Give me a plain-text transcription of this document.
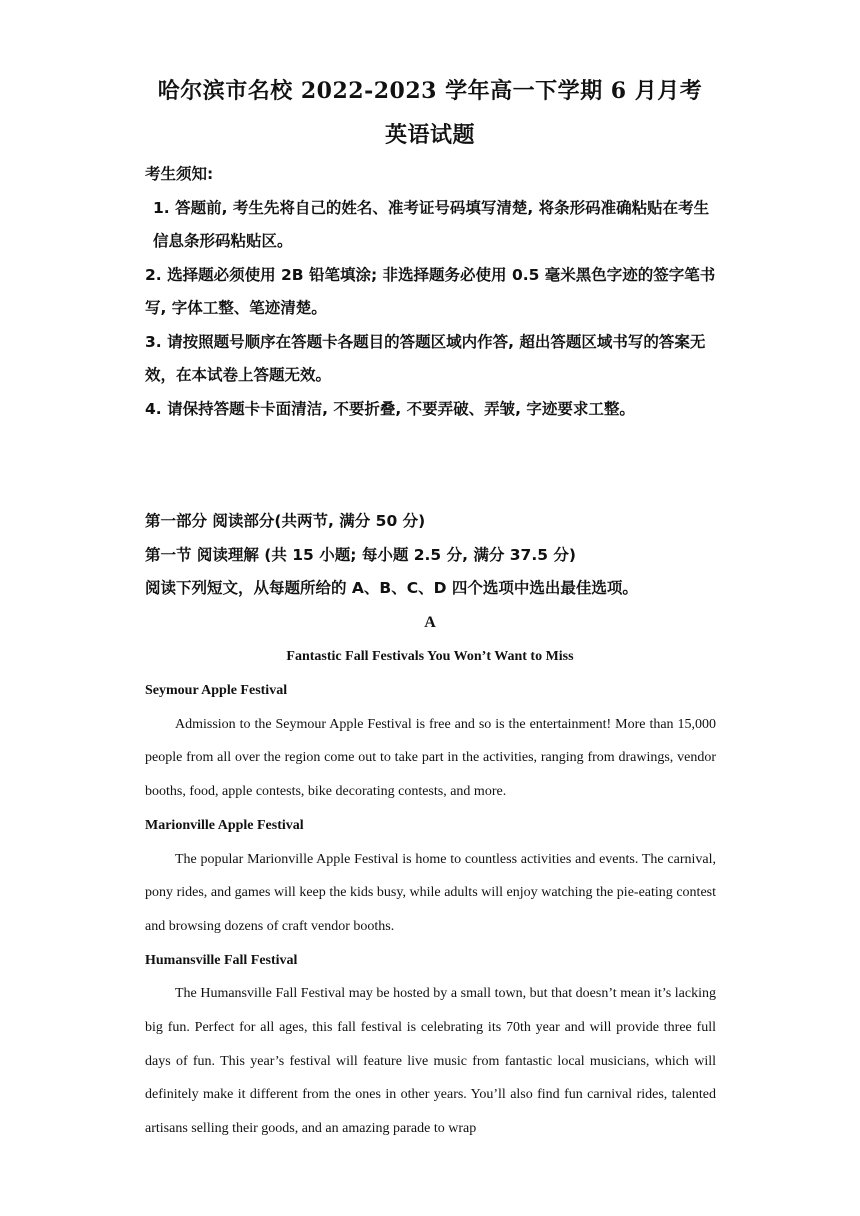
哈尔滨市名校 2022-2023 学年高一下学期 6 月月考
英语试题

考生须知:

1. 答题前, 考生先将自己的姓名、准考证号码填写清楚, 将条形码准确粘贴在考生信息条形码粘贴区。

2. 选择题必须使用 2B 铅笔填涂; 非选择题务必使用 0.5 毫米黑色字迹的签字笔书写, 字体工整、笔迹清楚。

3. 请按照题号顺序在答题卡各题目的答题区域内作答, 超出答题区域书写的答案无效，在本试卷上答题无效。

4. 请保持答题卡卡面清洁, 不要折叠, 不要弄破、弄皱, 字迹要求工整。

第一部分 阅读部分(共两节, 满分 50 分)

第一节 阅读理解 (共 15 小题; 每小题 2.5 分, 满分 37.5 分)

阅读下列短文，从每题所给的 A、B、C、D 四个选项中选出最佳选项。

A
Fantastic Fall Festivals You Won’t Want to Miss

Seymour Apple Festival

Admission to the Seymour Apple Festival is free and so is the entertainment! More than 15,000 people from all over the region come out to take part in the activities, ranging from drawings, vendor booths, food, apple contests, bike decorating contests, and more.

Marionville Apple Festival

The popular Marionville Apple Festival is home to countless activities and events. The carnival, pony rides, and games will keep the kids busy, while adults will enjoy watching the pie-eating contest and browsing dozens of craft vendor booths.

Humansville Fall Festival

The Humansville Fall Festival may be hosted by a small town, but that doesn’t mean it’s lacking big fun. Perfect for all ages, this fall festival is celebrating its 70th year and will provide three full days of fun. This year’s festival will feature live music from fantastic local musicians, which will definitely make it different from the ones in other years. You’ll also find fun carnival rides, talented artisans selling their goods, and an amazing parade to wrap
